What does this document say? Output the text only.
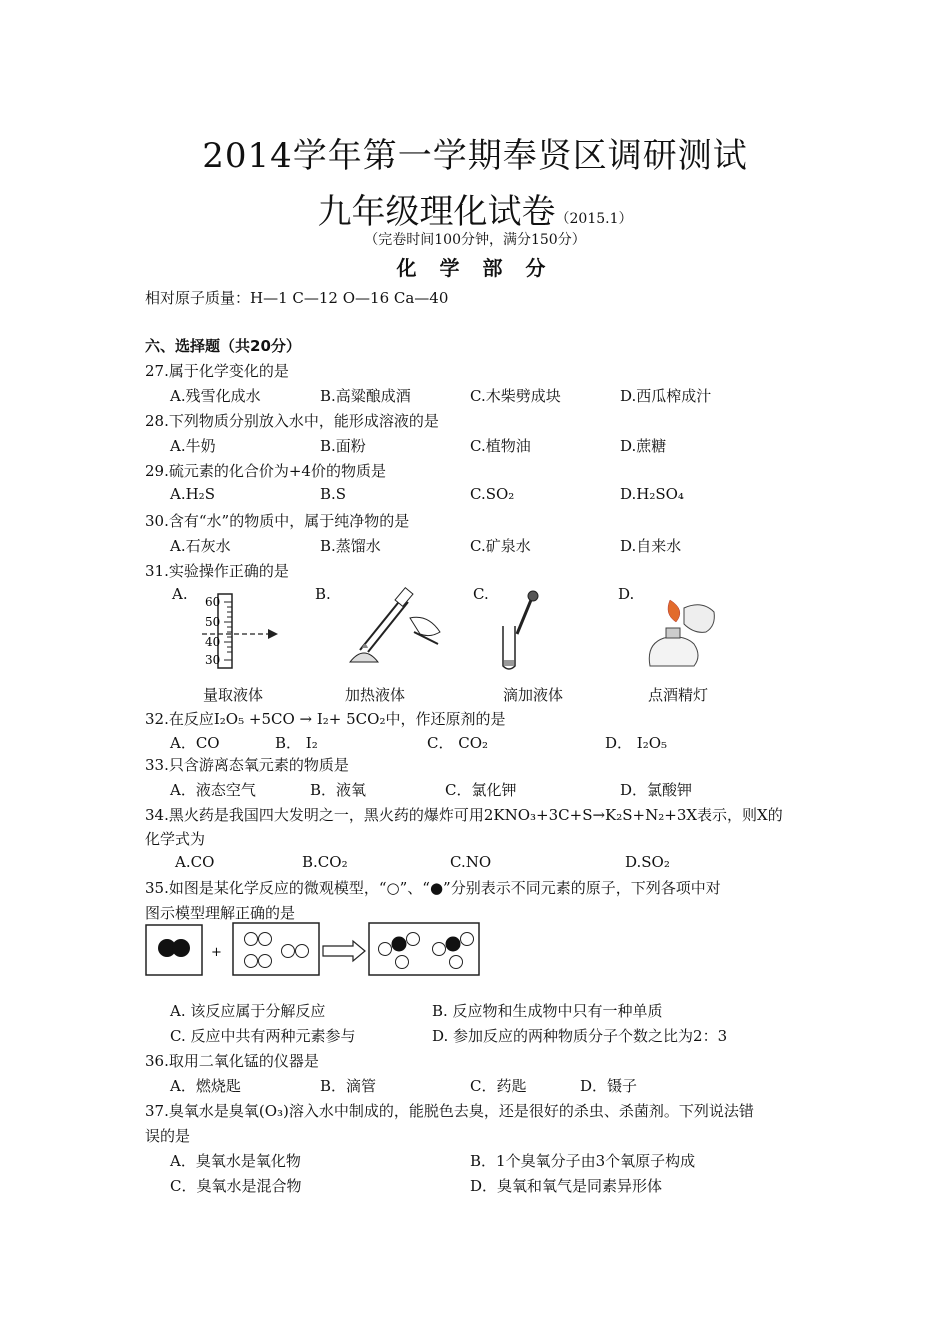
2014学年第一学期奉贤区调研测试
九年级理化试卷（2015.1）
（完卷时间100分钟，满分150分）
化 学 部 分
相对原子质量：H—1 C—12 O—16 Ca—40
六、选择题（共20分）
27.属于化学变化的是
A.残雪化成水	B.高粱酿成酒	C.木柴劈成块	D.西瓜榨成汁
28.下列物质分别放入水中，能形成溶液的是
A.牛奶	B.面粉	C.植物油	D.蔗糖
29.硫元素的化合价为+4价的物质是
A.H₂S	B.S	C.SO₂	D.H₂SO₄
30.含有“水”的物质中，属于纯净物的是
A.石灰水	B.蒸馏水	C.矿泉水	D.自来水
31.实验操作正确的是
A.	B.	C.	D.
60
50
40
30
量取液体	加热液体	滴加液体	点酒精灯
32.在反应I₂O₅ +5CO → I₂+ 5CO₂中，作还原剂的是
A．CO	B． I₂	C． CO₂	D． I₂O₅
33.只含游离态氧元素的物质是
A．液态空气	B．液氧	C．氯化钾	D．氯酸钾
34.黑火药是我国四大发明之一，黑火药的爆炸可用2KNO₃+3C+S→K₂S+N₂+3X表示，则X的
化学式为
A.CO	B.CO₂	C.NO	D.SO₂
35.如图是某化学反应的微观模型，“○”、“●”分别表示不同元素的原子，下列各项中对
图示模型理解正确的是
+
A. 该反应属于分解反应	B. 反应物和生成物中只有一种单质
C. 反应中共有两种元素参与	D. 参加反应的两种物质分子个数之比为2：3
36.取用二氧化锰的仪器是
A．燃烧匙	B．滴管	C．药匙	D．镊子
37.臭氧水是臭氧(O₃)溶入水中制成的，能脱色去臭，还是很好的杀虫、杀菌剂。下列说法错
误的是
A．臭氧水是氧化物	B．1个臭氧分子由3个氧原子构成
C．臭氧水是混合物	D．臭氧和氧气是同素异形体
